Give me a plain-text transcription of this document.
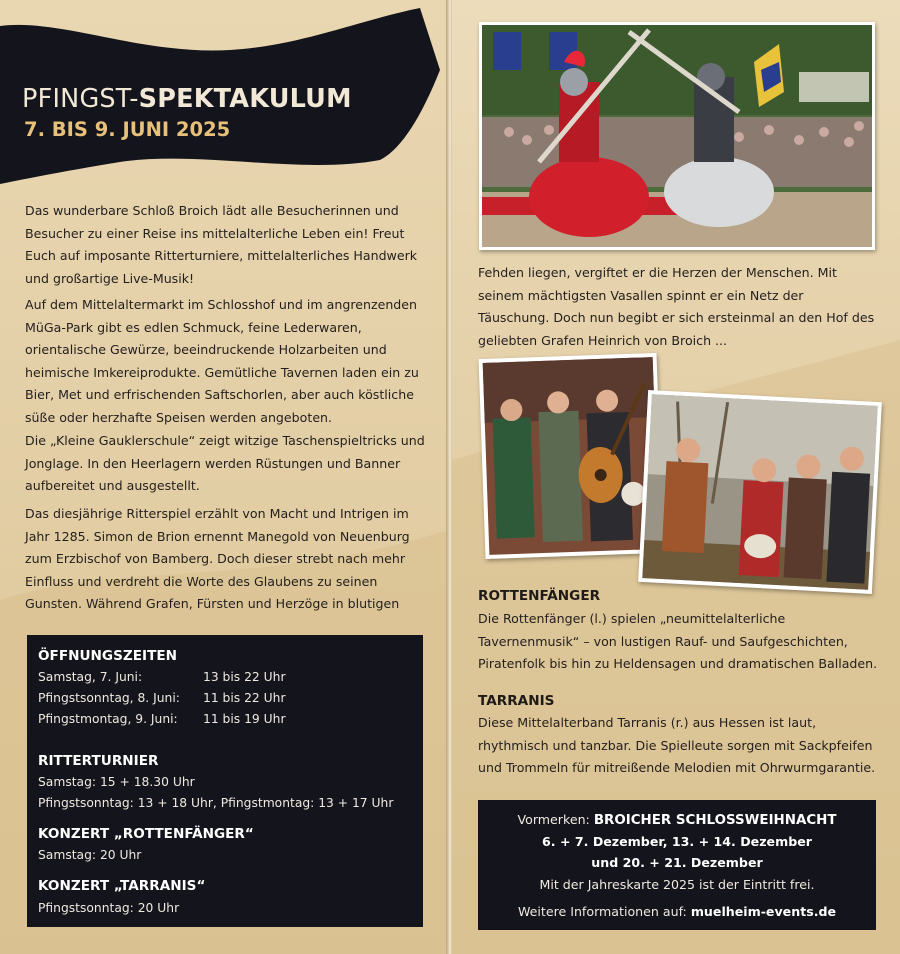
PFINGST-SPEKTAKULUM

7. BIS 9. JUNI 2025

Das wunderbare Schloß Broich lädt alle Besucherinnen und Besucher zu einer Reise ins mittelalterliche Leben ein! Freut Euch auf imposante Ritterturniere, mittelalterliches Handwerk und großartige Live-Musik!

Auf dem Mittelaltermarkt im Schlosshof und im angrenzenden MüGa-Park gibt es edlen Schmuck, feine Lederwaren, orientalische Gewürze, beeindruckende Holzarbeiten und heimische Imkereiprodukte. Gemütliche Tavernen laden ein zu Bier, Met und erfrischenden Saftschorlen, aber auch köstliche süße oder herzhafte Speisen werden angeboten.

Die „Kleine Gauklerschule“ zeigt witzige Taschenspieltricks und Jonglage. In den Heerlagern werden Rüstungen und Banner aufbereitet und ausgestellt.

Das diesjährige Ritterspiel erzählt von Macht und Intrigen im Jahr 1285. Simon de Brion ernennt Manegold von Neuenburg zum Erzbischof von Bamberg. Doch dieser strebt nach mehr Einfluss und verdreht die Worte des Glaubens zu seinen Gunsten. Während Grafen, Fürsten und Herzöge in blutigen

ÖFFNUNGSZEITEN

Samstag, 7. Juni:	13 bis 22 Uhr

Pfingstsonntag, 8. Juni: 11 bis 22 Uhr

Pfingstmontag, 9. Juni: 11 bis 19 Uhr

RITTERTURNIER

Samstag: 15 + 18.30 Uhr

Pfingstsonntag: 13 + 18 Uhr, Pfingstmontag: 13 + 17 Uhr

KONZERT „ROTTENFÄNGER“

Samstag: 20 Uhr

KONZERT „TARRANIS“

Pfingstsonntag: 20 Uhr

Fehden liegen, vergiftet er die Herzen der Menschen. Mit seinem mächtigsten Vasallen spinnt er ein Netz der Täuschung. Doch nun begibt er sich ersteinmal an den Hof des geliebten Grafen Heinrich von Broich ...

ROTTENFÄNGER

Die Rottenfänger (l.) spielen „neumittelalterliche Tavernenmusik“ – von lustigen Rauf- und Saufgeschichten, Piratenfolk bis hin zu Heldensagen und dramatischen Balladen.

TARRANIS

Diese Mittelalterband Tarranis (r.) aus Hessen ist laut, rhythmisch und tanzbar. Die Spielleute sorgen mit Sackpfeifen und Trommeln für mitreißende Melodien mit Ohrwurmgarantie.

Vormerken: BROICHER SCHLOSSWEIHNACHT

6. + 7. Dezember, 13. + 14. Dezember

und 20. + 21. Dezember

Mit der Jahreskarte 2025 ist der Eintritt frei.

Weitere Informationen auf: muelheim-events.de
